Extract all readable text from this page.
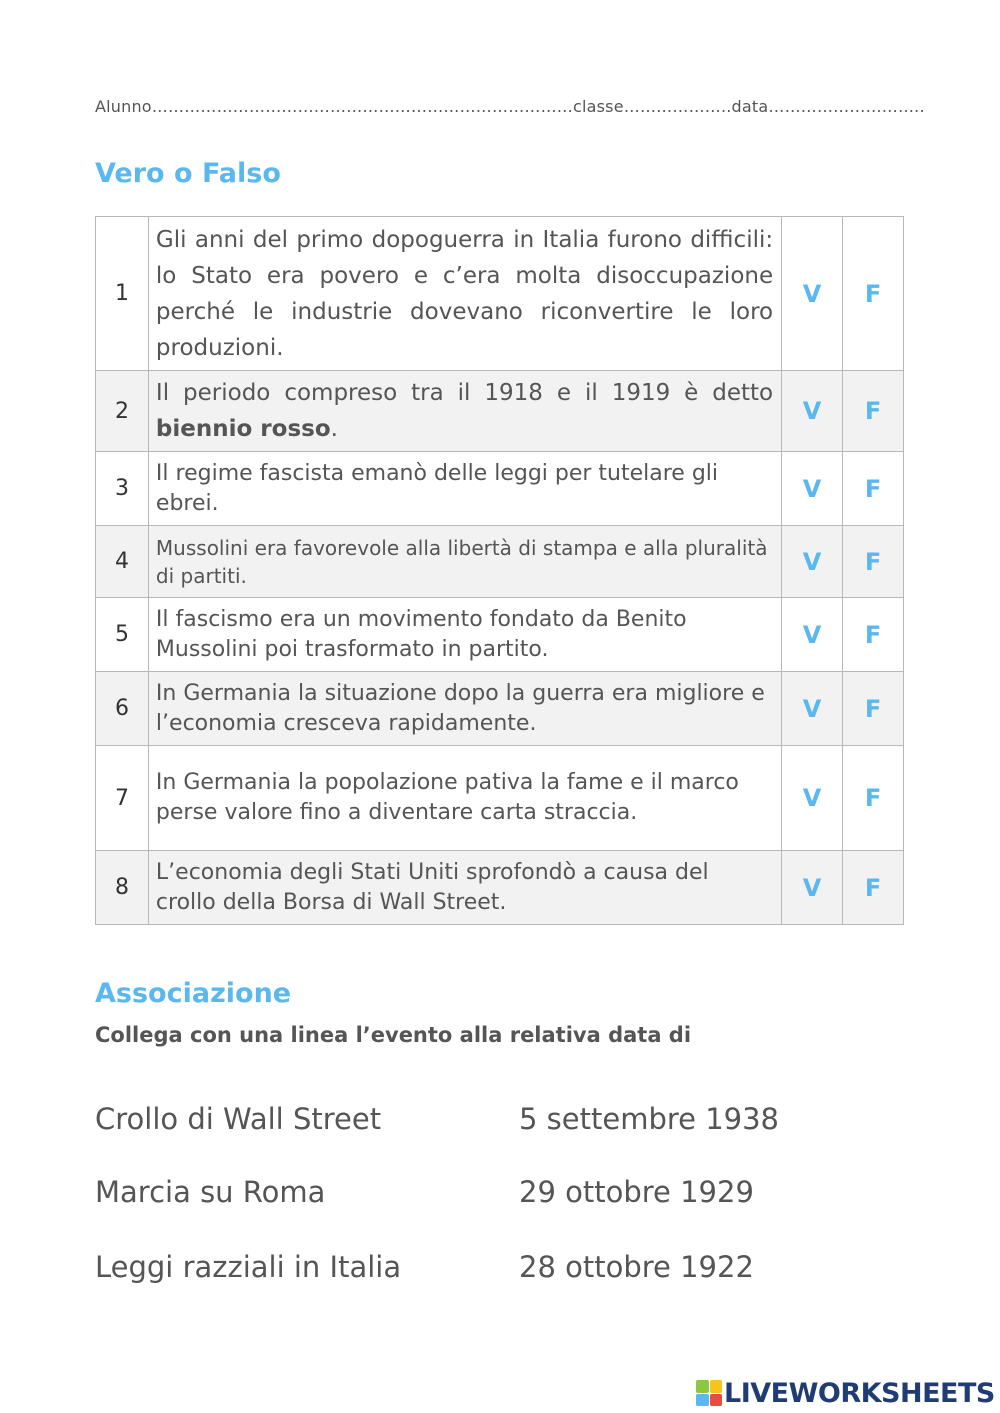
Alunno……………………………………………………………………classe………………..data………………………..
Vero o Falso
1	Gli anni del primo dopoguerra in Italia furono difficili: lo Stato era povero e c’era molta disoccupazione perché le industrie dovevano riconvertire le loro produzioni.	V	F
2	Il periodo compreso tra il 1918 e il 1919 è detto biennio rosso.	V	F
3	Il regime fascista emanò delle leggi per tutelare gli ebrei.	V	F
4	Mussolini era favorevole alla libertà di stampa e alla pluralità di partiti.	V	F
5	Il fascismo era un movimento fondato da Benito Mussolini poi trasformato in partito.	V	F
6	In Germania la situazione dopo la guerra era migliore e l’economia cresceva rapidamente.	V	F
7	In Germania la popolazione pativa la fame e il marco perse valore fino a diventare carta straccia.	V	F
8	L’economia degli Stati Uniti sprofondò a causa del crollo della Borsa di Wall Street.	V	F
Associazione
Collega con una linea l’evento alla relativa data di
Crollo di Wall Street	5 settembre 1938
Marcia su Roma	29 ottobre 1929
Leggi razziali in Italia	28 ottobre 1922
LIVEWORKSHEETS
